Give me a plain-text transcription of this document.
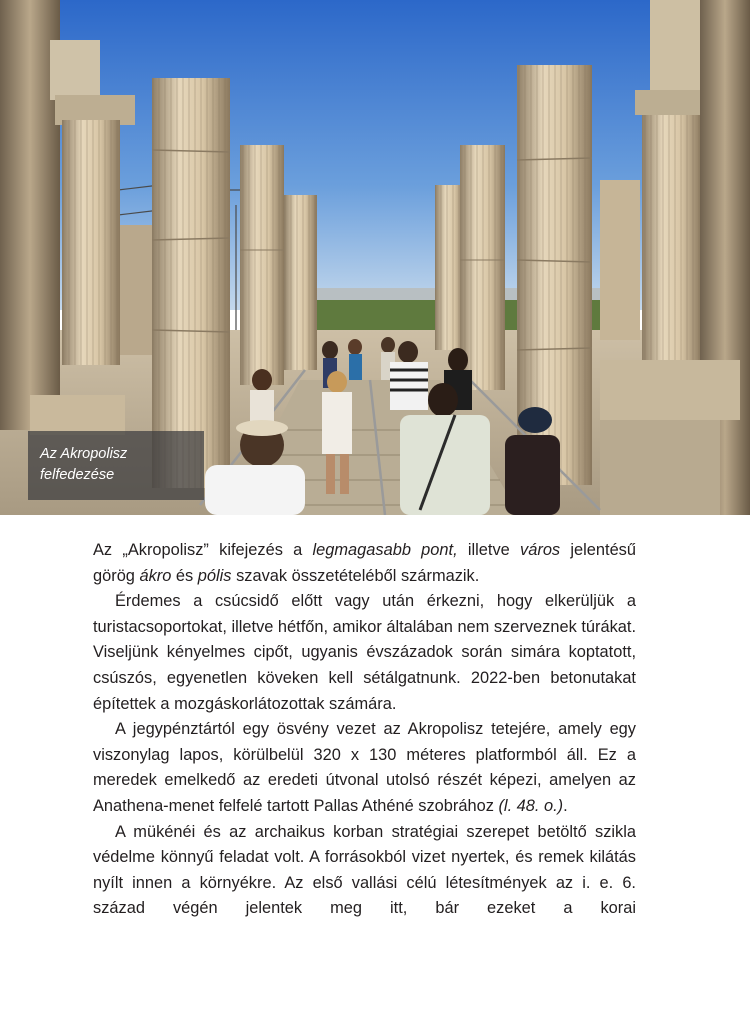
Az Akropolisz
felfedezése

Az „Akropolisz” kifejezés a legmagasabb pont, illetve város jelentésű görög ákro és pólis szavak összetételéből származik.

Érdemes a csúcsidő előtt vagy után érkezni, hogy elkerüljük a turistacsoportokat, illetve hétfőn, amikor általában nem szerveznek túrákat. Viseljünk kényelmes cipőt, ugyanis évszázadok során simára koptatott, csúszós, egyenetlen köveken kell sétálgatnunk. 2022-ben betonutakat építettek a mozgáskorlátozottak számára.

A jegypénztártól egy ösvény vezet az Akropolisz tetejére, amely egy viszonylag lapos, körülbelül 320 x 130 méteres platformból áll. Ez a meredek emelkedő az eredeti útvonal utolsó részét képezi, amelyen az Anathena-menet felfelé tartott Pallas Athéné szobrához (l. 48. o.).

A mükénéi és az archaikus korban stratégiai szerepet betöltő szikla védelme könnyű feladat volt. A forrásokból vizet nyertek, és remek kilátás nyílt innen a környékre. Az első vallási célú létesítmények az i. e. 6. század végén jelentek meg itt, bár ezeket a korai
